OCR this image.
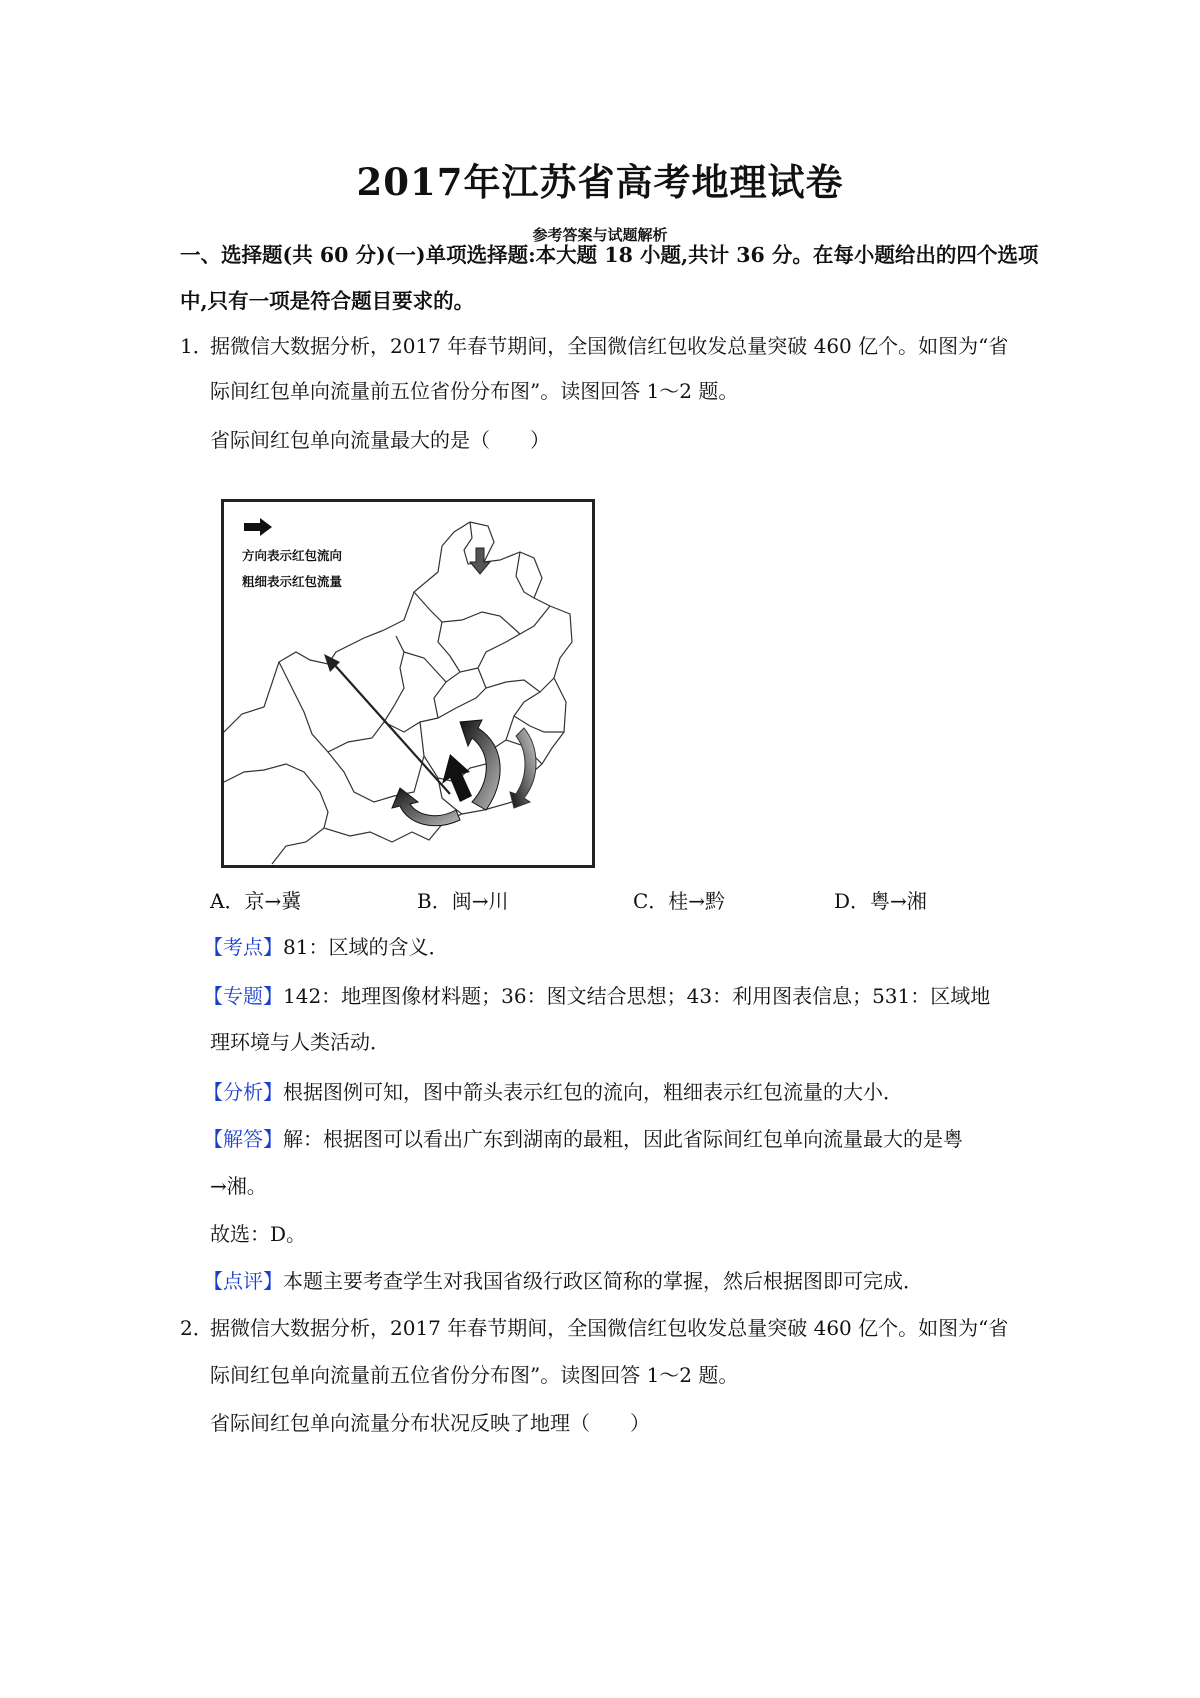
2017年江苏省高考地理试卷
参考答案与试题解析
一、选择题(共 60 分)(一)单项选择题:本大题 18 小题,共计 36 分。在每小题给出的四个选项
中,只有一项是符合题目要求的。
1．
据微信大数据分析，2017 年春节期间，全国微信红包收发总量突破 460 亿个。如图为“省
际间红包单向流量前五位省份分布图”。读图回答 1～2 题。
省际间红包单向流量最大的是（　　）
方向表示红包流向
粗细表示红包流量
A．京→冀	B．闽→川	C．桂→黔	D．粤→湘
【考点】81：区域的含义．
【专题】142：地理图像材料题；36：图文结合思想；43：利用图表信息；531：区域地
理环境与人类活动．
【分析】根据图例可知，图中箭头表示红包的流向，粗细表示红包流量的大小．
【解答】解：根据图可以看出广东到湖南的最粗，因此省际间红包单向流量最大的是粤
→湘。
故选：D。
【点评】本题主要考查学生对我国省级行政区简称的掌握，然后根据图即可完成．
2．
据微信大数据分析，2017 年春节期间，全国微信红包收发总量突破 460 亿个。如图为“省
际间红包单向流量前五位省份分布图”。读图回答 1～2 题。
省际间红包单向流量分布状况反映了地理（　　）
